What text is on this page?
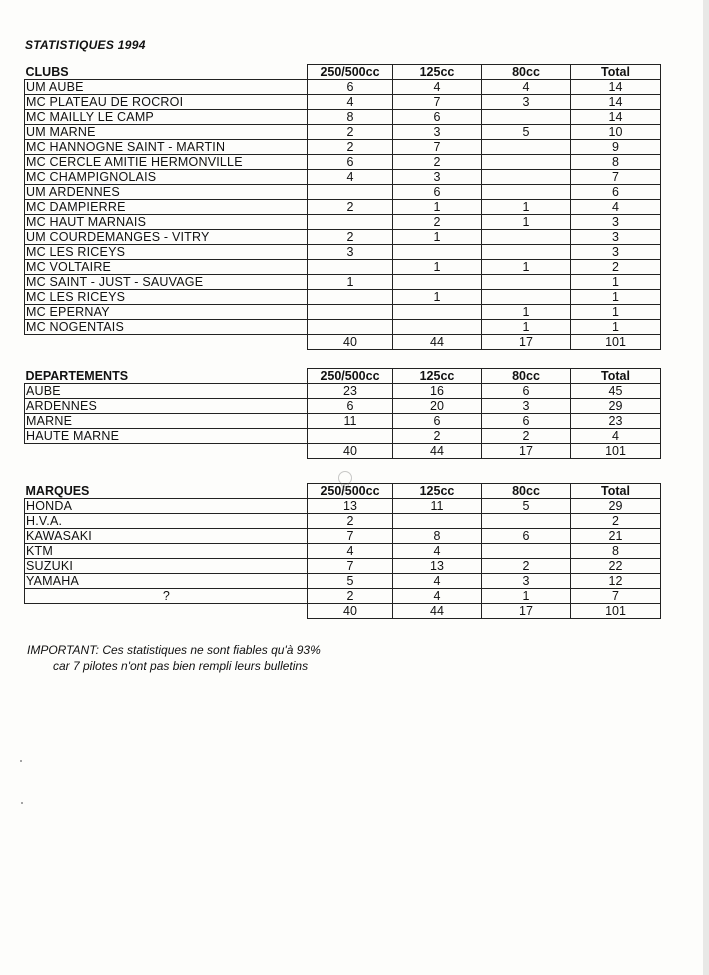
STATISTIQUES 1994
CLUBS	250/500cc	125cc	80cc	Total
UM AUBE	6	4	4	14
MC PLATEAU DE ROCROI	4	7	3	14
MC MAILLY LE CAMP	8	6		14
UM MARNE	2	3	5	10
MC HANNOGNE SAINT - MARTIN	2	7		9
MC CERCLE AMITIE HERMONVILLE	6	2		8
MC CHAMPIGNOLAIS	4	3		7
UM ARDENNES		6		6
MC DAMPIERRE	2	1	1	4
MC HAUT MARNAIS		2	1	3
UM COURDEMANGES - VITRY	2	1		3
MC LES RICEYS	3			3
MC VOLTAIRE		1	1	2
MC SAINT - JUST - SAUVAGE	1			1
MC LES RICEYS		1		1
MC EPERNAY			1	1
MC NOGENTAIS			1	1
	40	44	17	101
DEPARTEMENTS	250/500cc	125cc	80cc	Total
AUBE	23	16	6	45
ARDENNES	6	20	3	29
MARNE	11	6	6	23
HAUTE MARNE		2	2	4
	40	44	17	101
MARQUES	250/500cc	125cc	80cc	Total
HONDA	13	11	5	29
H.V.A.	2			2
KAWASAKI	7	8	6	21
KTM	4	4		8
SUZUKI	7	13	2	22
YAMAHA	5	4	3	12
?	2	4	1	7
	40	44	17	101
IMPORTANT: Ces statistiques ne sont fiables qu'à 93%
car 7 pilotes n'ont pas bien rempli leurs bulletins
